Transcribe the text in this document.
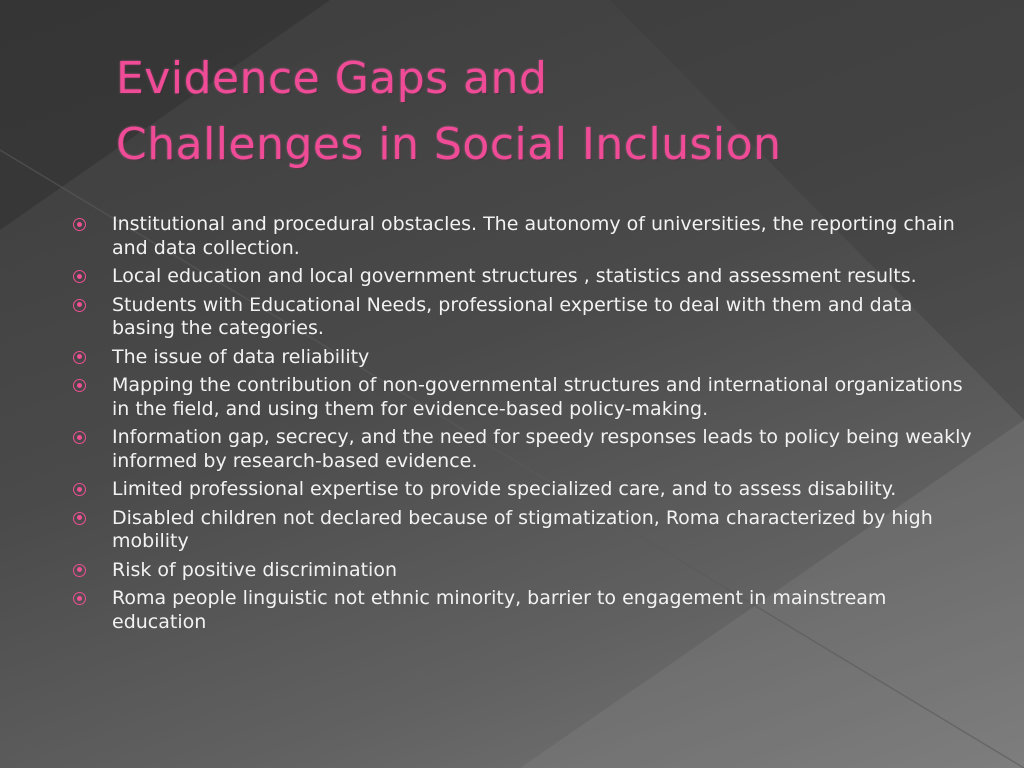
Evidence Gaps and
Challenges in Social Inclusion
Institutional and procedural obstacles. The autonomy of universities, the reporting chain and data collection.
Local education and local government structures , statistics and assessment results.
Students with Educational Needs, professional expertise to deal with them and data basing the categories.
The issue of data reliability
Mapping the contribution of non-governmental structures and international organizations in the field, and using them for evidence-based policy-making.
Information gap, secrecy, and the need for speedy responses leads to policy being weakly informed by research-based evidence.
Limited professional expertise to provide specialized care, and to assess disability.
Disabled children not declared because of stigmatization, Roma characterized by high mobility
Risk of positive discrimination
Roma people linguistic not ethnic minority, barrier to engagement in mainstream education
